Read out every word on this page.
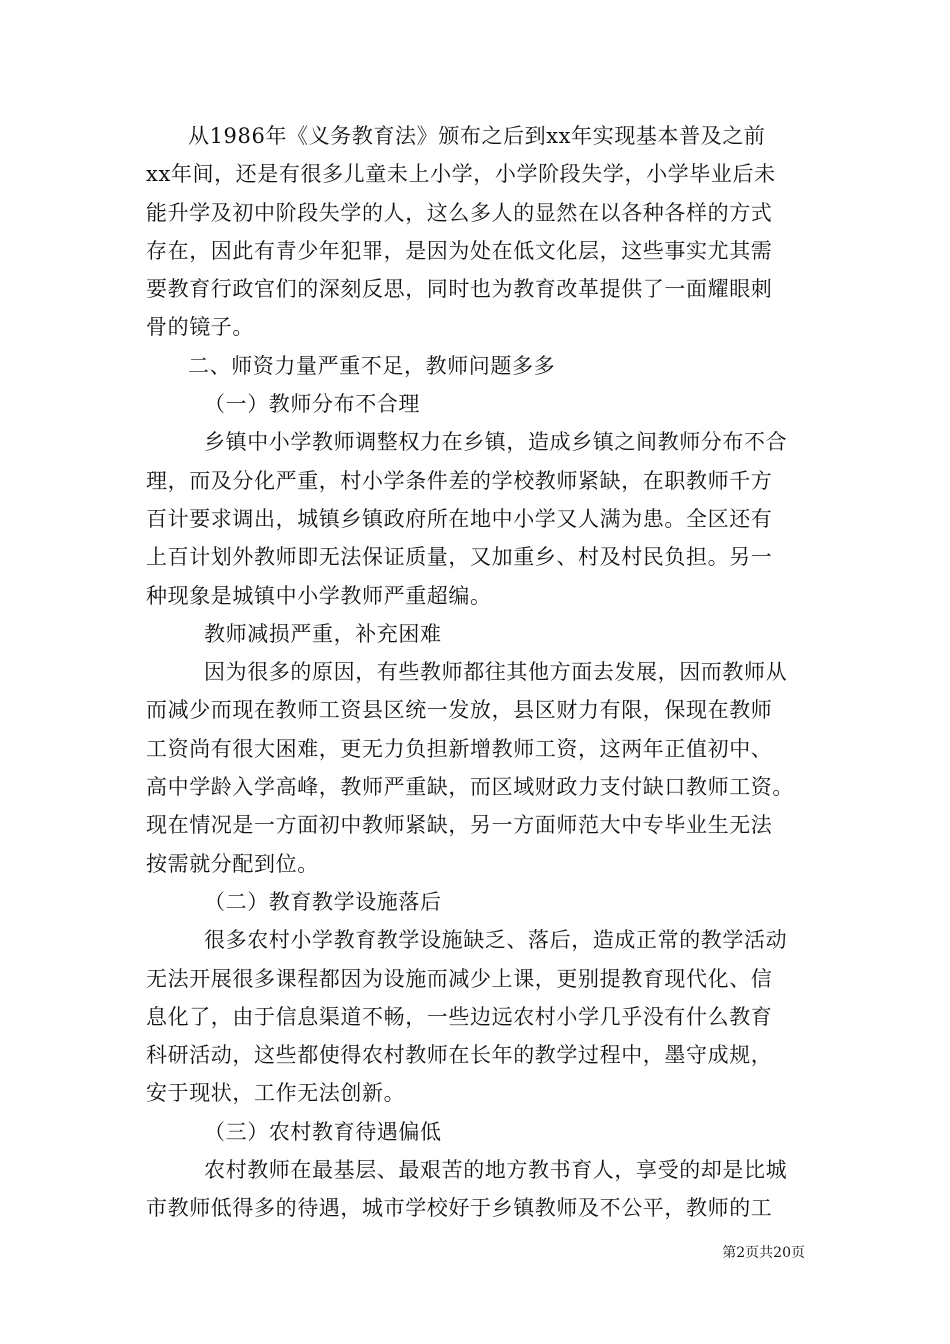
从1986年《义务教育法》颁布之后到xx年实现基本普及之前
xx年间，还是有很多儿童未上小学，小学阶段失学，小学毕业后未
能升学及初中阶段失学的人，这么多人的显然在以各种各样的方式
存在，因此有青少年犯罪，是因为处在低文化层，这些事实尤其需
要教育行政官们的深刻反思，同时也为教育改革提供了一面耀眼刺
骨的镜子。
二、师资力量严重不足，教师问题多多
（一）教师分布不合理
乡镇中小学教师调整权力在乡镇，造成乡镇之间教师分布不合
理，而及分化严重，村小学条件差的学校教师紧缺，在职教师千方
百计要求调出，城镇乡镇政府所在地中小学又人满为患。全区还有
上百计划外教师即无法保证质量，又加重乡、村及村民负担。另一
种现象是城镇中小学教师严重超编。
教师减损严重，补充困难
因为很多的原因，有些教师都往其他方面去发展，因而教师从
而减少而现在教师工资县区统一发放，县区财力有限，保现在教师
工资尚有很大困难，更无力负担新增教师工资，这两年正值初中、
高中学龄入学高峰，教师严重缺，而区域财政力支付缺口教师工资。
现在情况是一方面初中教师紧缺，另一方面师范大中专毕业生无法
按需就分配到位。
（二）教育教学设施落后
很多农村小学教育教学设施缺乏、落后，造成正常的教学活动
无法开展很多课程都因为设施而减少上课，更别提教育现代化、信
息化了，由于信息渠道不畅，一些边远农村小学几乎没有什么教育
科研活动，这些都使得农村教师在长年的教学过程中，墨守成规，
安于现状，工作无法创新。
（三）农村教育待遇偏低
农村教师在最基层、最艰苦的地方教书育人，享受的却是比城
市教师低得多的待遇，城市学校好于乡镇教师及不公平，教师的工
第2页共20页
